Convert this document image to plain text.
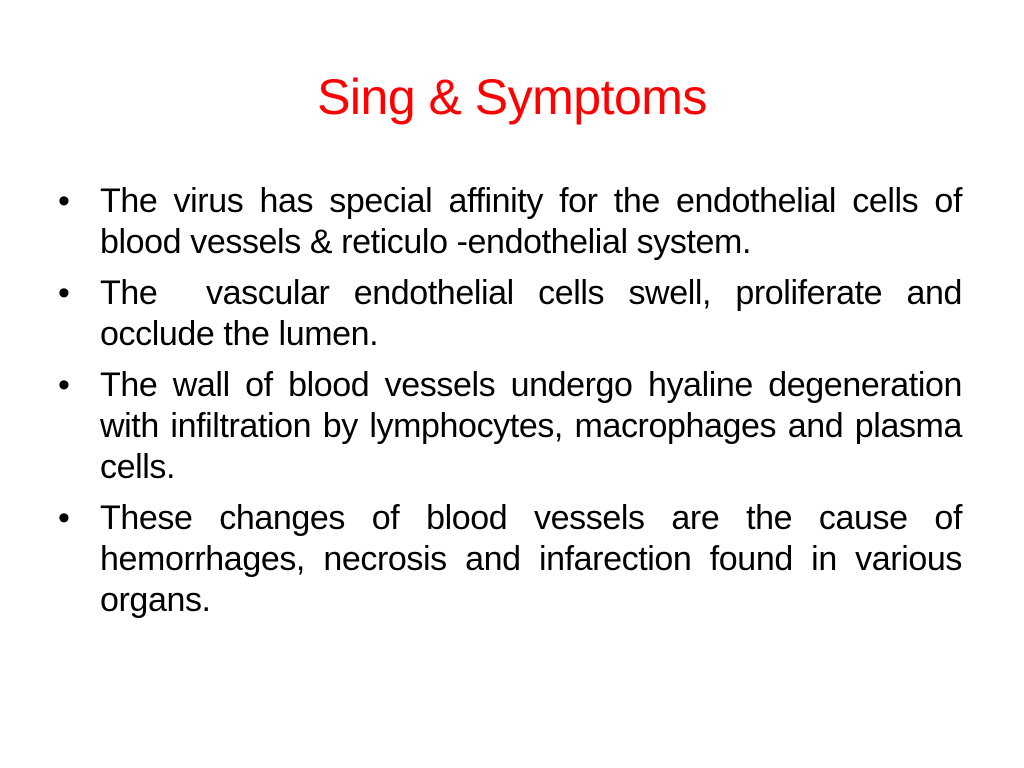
Sing & Symptoms
• The virus has special affinity for the endothelial cells of blood vessels & reticulo -endothelial system.
• The  vascular endothelial cells swell, proliferate and occlude the lumen.
• The wall of blood vessels undergo hyaline degeneration with infiltration by lymphocytes, macrophages and plasma cells.
• These changes of blood vessels are the cause of hemorrhages, necrosis and infarection found in various organs.
